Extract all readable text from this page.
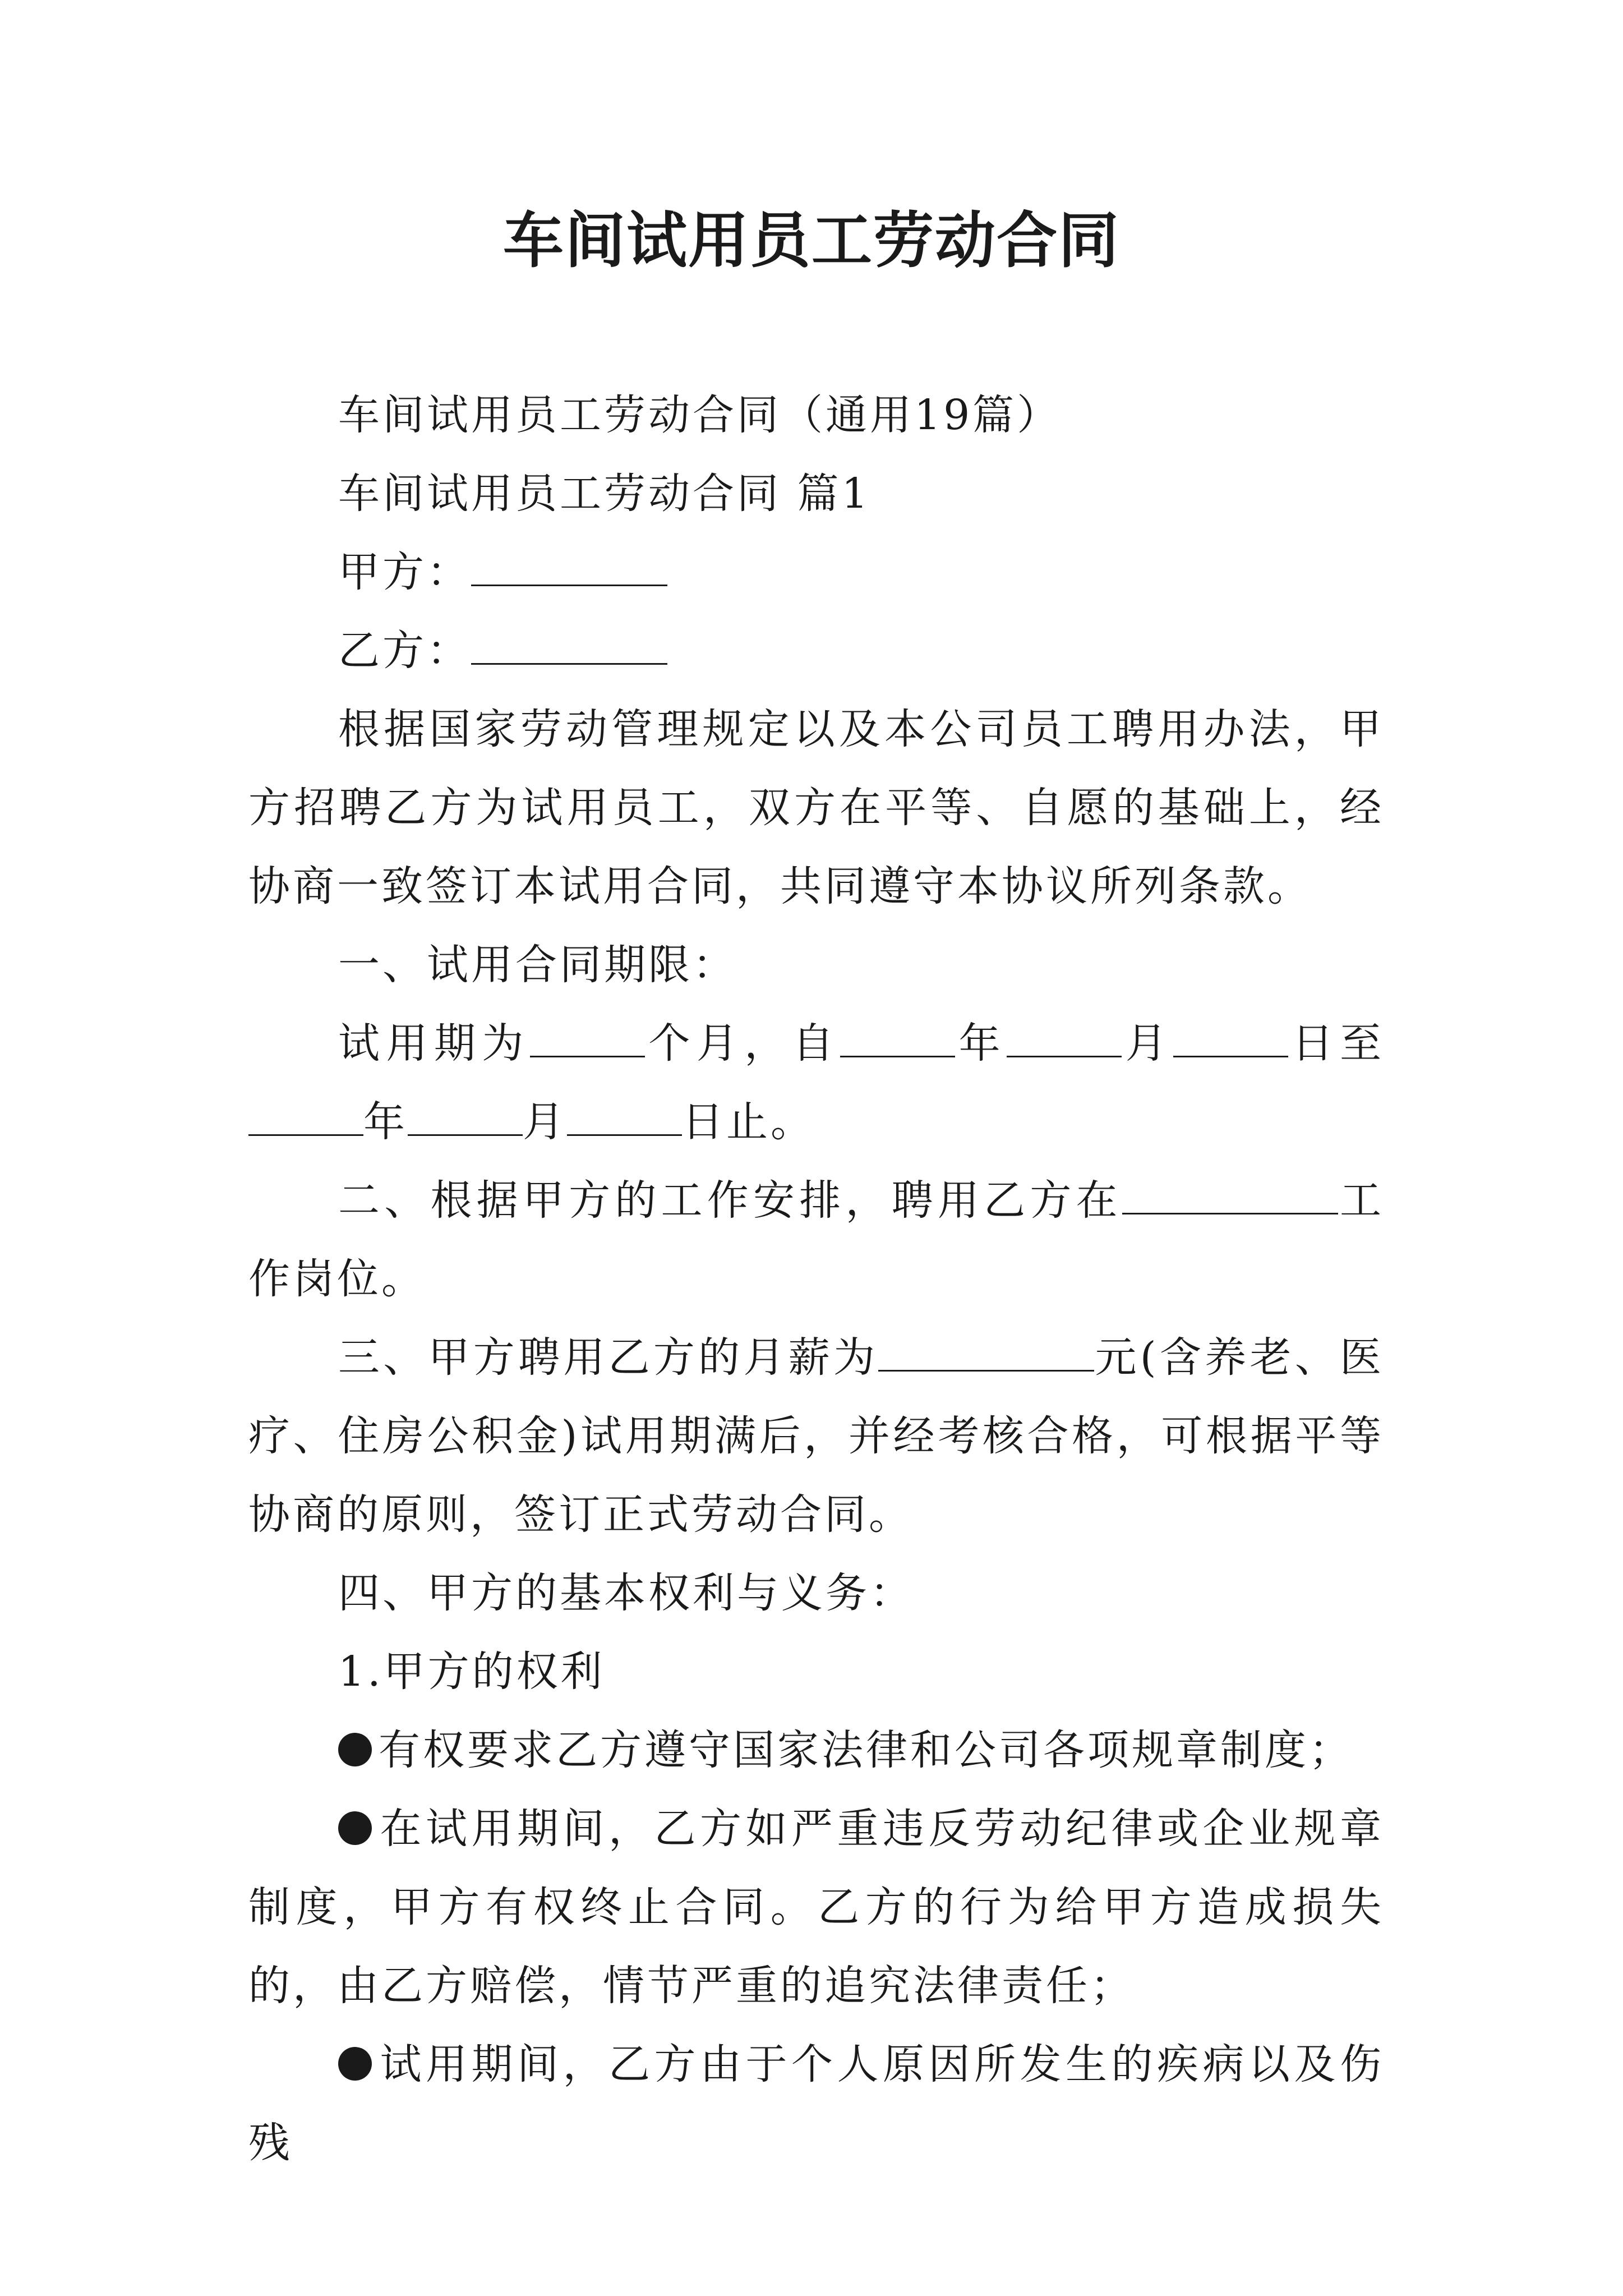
车间试用员工劳动合同

车间试用员工劳动合同（通用19篇）

车间试用员工劳动合同 篇1

甲方：

乙方：

根据国家劳动管理规定以及本公司员工聘用办法，甲方招聘乙方为试用员工，双方在平等、自愿的基础上，经协商一致签订本试用合同，共同遵守本协议所列条款。

一、试用合同期限：

试用期为	个月，自	年	月	日至年	月	日止。

二、根据甲方的工作安排，聘用乙方在	工作岗位。

三、甲方聘用乙方的月薪为	元(含养老、医疗、住房公积金)试用期满后，并经考核合格，可根据平等协商的原则，签订正式劳动合同。

四、甲方的基本权利与义务：

1.甲方的权利

有权要求乙方遵守国家法律和公司各项规章制度；

在试用期间，乙方如严重违反劳动纪律或企业规章制度，甲方有权终止合同。乙方的行为给甲方造成损失的，由乙方赔偿，情节严重的追究法律责任；

试用期间，乙方由于个人原因所发生的疾病以及伤残
